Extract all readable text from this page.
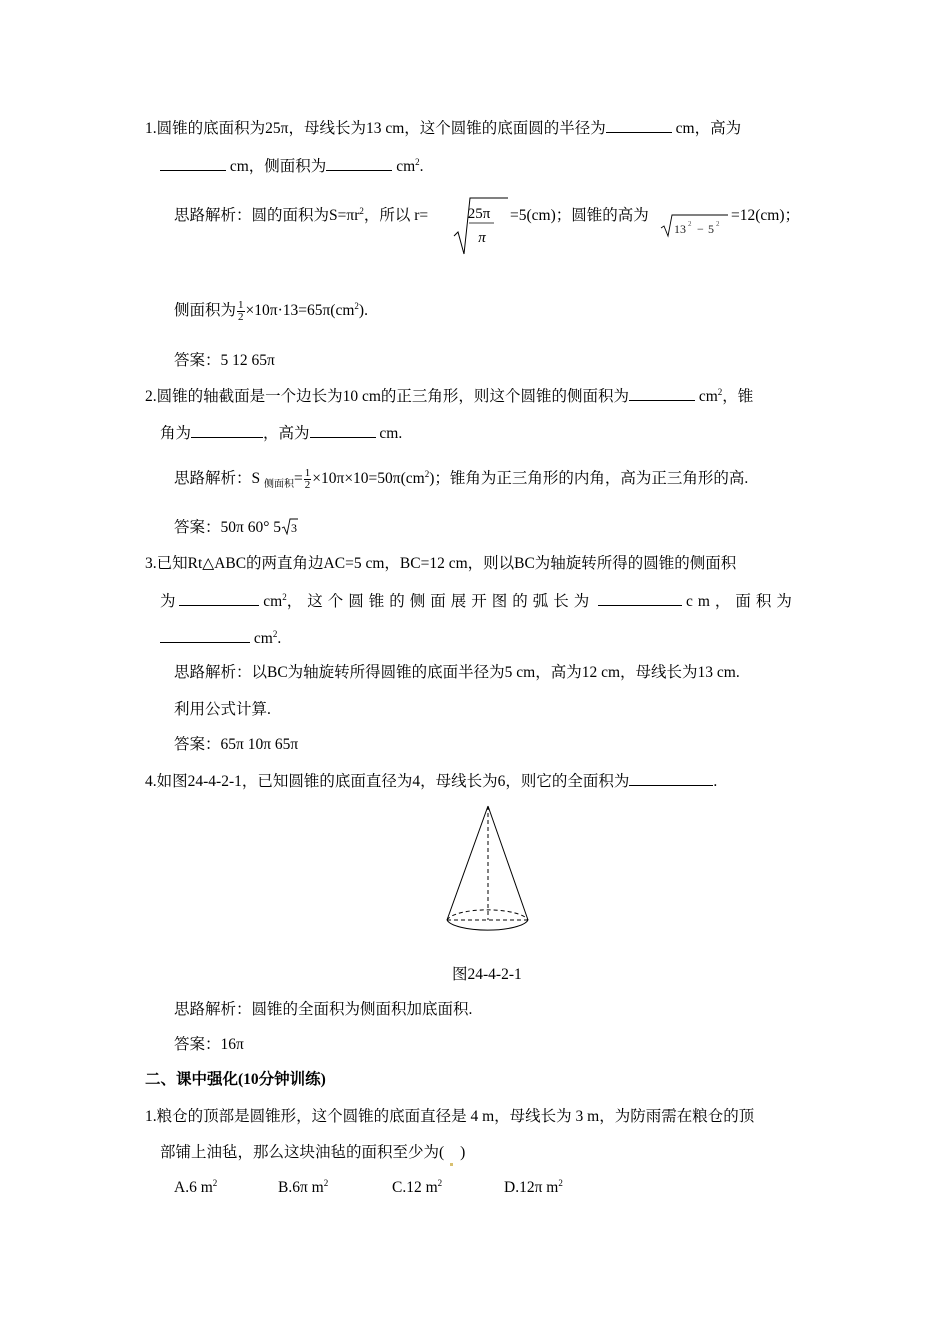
1.圆锥的底面积为25π，母线长为13 cm，这个圆锥的底面圆的半径为	cm，高为
cm，侧面积为	$cm^2$.
思路解析：圆的面积为$S=\pi r^2$，所以 r=	25π
π
=5(cm)；圆锥的高为
13 2 − 5 2 =12(cm)；
侧面积为 $\frac{1}{2} \times 10\pi\cdot 13=65\pi(cm^2)$.
答案：5 12 65π
2.圆锥的轴截面是一个边长为10 cm的正三角形，则这个圆锥的侧面积为	$cm^2$，锥
角为	，高为	cm.
思路解析：S $_{侧面积}= \frac{1}{2} \times 10\pi\times 10=50\pi(cm^2)$；锥角为正三角形的内角，高为正三角形的高.
答案：50π 60° 5 3
3.已知Rt△ABC的两直角边AC=5 cm，BC=12 cm，则以BC为轴旋转所得的圆锥的侧面积
为	$cm^2$，这个圆锥的侧面展开图的弧长为	cm，面积为
$cm^2$.
思路解析：以BC为轴旋转所得圆锥的底面半径为5 cm，高为12 cm，母线长为13 cm.
利用公式计算.
答案：65π 10π 65π
4.如图24-4-2-1，已知圆锥的底面直径为4，母线长为6，则它的全面积为	.
图24-4-2-1
思路解析：圆锥的全面积为侧面积加底面积.
答案：16π
二、课中强化(10分钟训练)
1.粮仓的顶部是圆锥形，这个圆锥的底面直径是 4 m，母线长为 3 m，为防雨需在粮仓的顶
部铺上油毡，那么这块油毡的面积至少为( )
A.6 $m^2$	B.6π $m^2$	C.12 $m^2$	D.12π $m^2$
